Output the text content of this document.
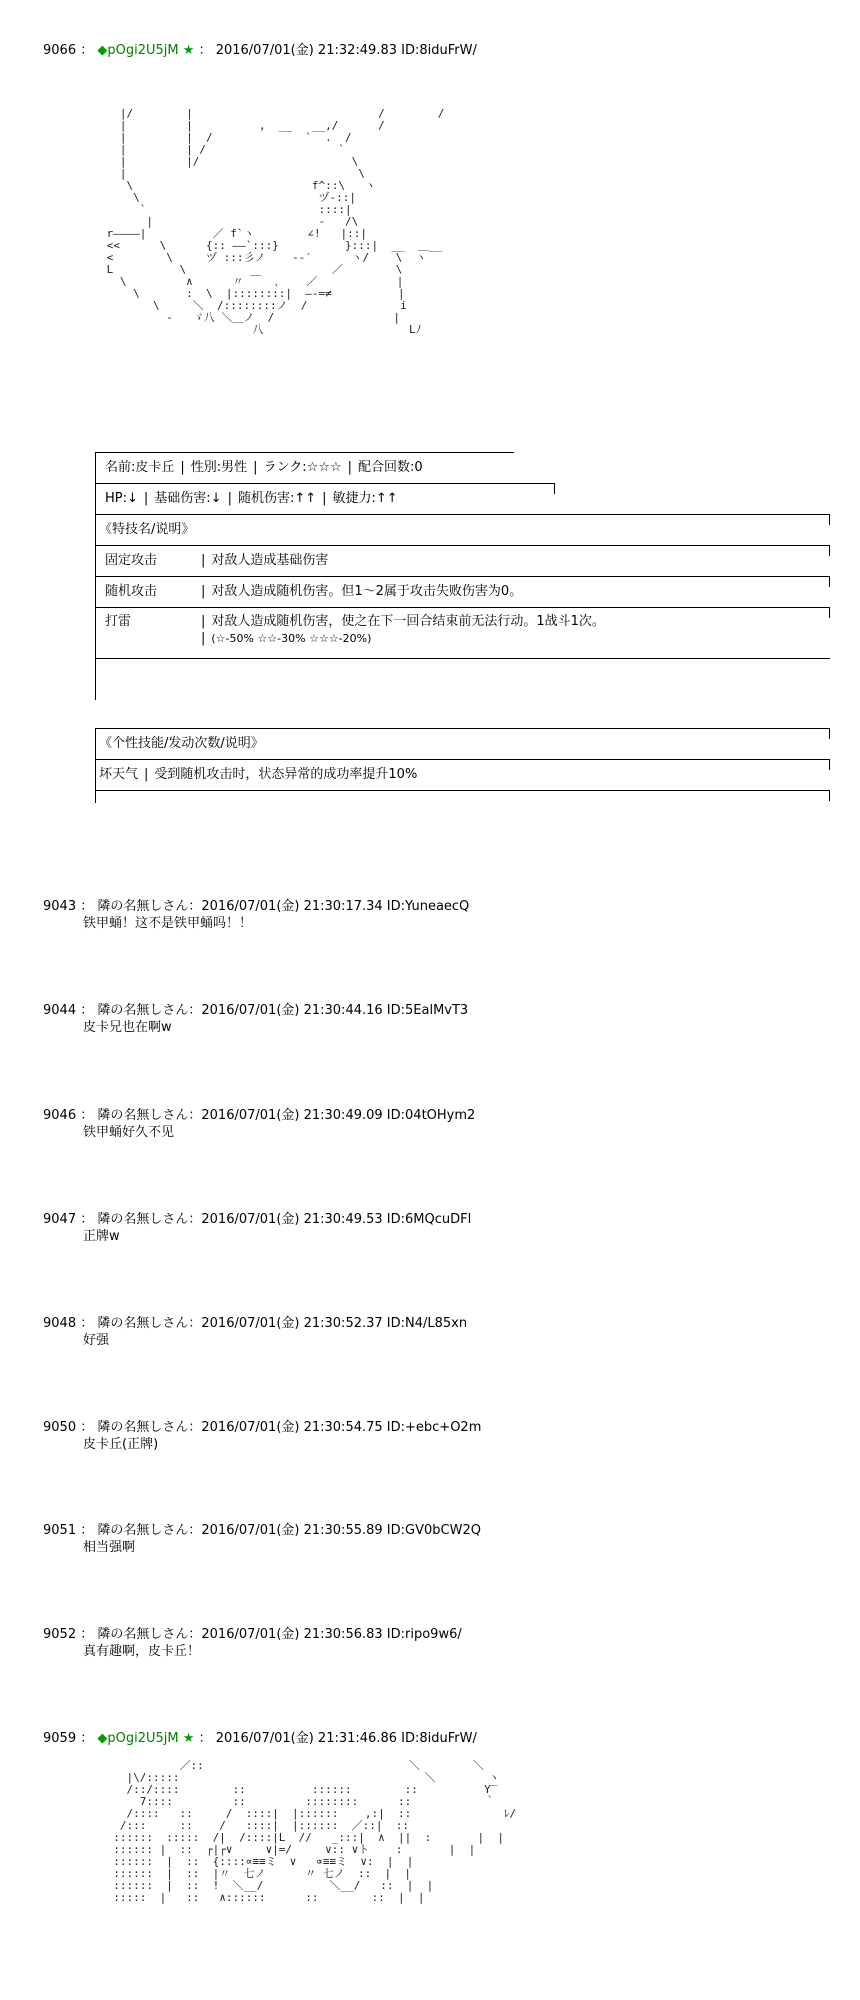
9066 ： ◆pOgi2U5jM ★ ： 2016/07/01(金) 21:32:49.83 ID:8iduFrW/
|/        |                            /        /
|         |          ,  __   __,/      /
|         |  /              `  .  /
|         | /                    `
|         |/                       \
|                                   \
\                           f^::\   ヽ
\                           ヅ-::|
`                          ::::|
|                         -   /\
r――――|          ／ f`ヽ        ∠!   |::|
<<      \      {:: ――`:::}          }:::|  __  ＿__
<        \     ヅ :::彡ノ    ‐‐′      ヽ/    \  ヽ
L          \                      ／        \
\         ∧      〃 ￣  ､    ／            |
\       :  \  |::::::::|  ―‐=≠          |
\     ＼  /::::::::ノ  /              i
‐   ゞ八 ＼＿ノ  /                  |
八                      Lﾉ
名前:皮卡丘 | 性別:男性 | ランク:☆☆☆ | 配合回数:0
HP:↓ | 基础伤害:↓ | 随机伤害:↑↑ | 敏捷力:↑↑
《特技名/说明》
固定攻击	| 对敌人造成基础伤害
随机攻击	| 对敌人造成随机伤害。但1～2属于攻击失败伤害为0。
打雷	| 对敌人造成随机伤害，使之在下一回合结束前无法行动。1战斗1次。
| (☆-50% ☆☆-30% ☆☆☆-20%)
《个性技能/发动次数/说明》
坏天气 | 受到随机攻击时，状态异常的成功率提升10%
9043 ： 隣の名無しさん：2016/07/01(金) 21:30:17.34 ID:YuneaecQ
铁甲蛹！这不是铁甲蛹吗！！
9044 ： 隣の名無しさん：2016/07/01(金) 21:30:44.16 ID:5EalMvT3
皮卡兄也在啊w
9046 ： 隣の名無しさん：2016/07/01(金) 21:30:49.09 ID:04tOHym2
铁甲蛹好久不见
9047 ： 隣の名無しさん：2016/07/01(金) 21:30:49.53 ID:6MQcuDFl
正牌w
9048 ： 隣の名無しさん：2016/07/01(金) 21:30:52.37 ID:N4/L85xn
好强
9050 ： 隣の名無しさん：2016/07/01(金) 21:30:54.75 ID:+ebc+O2m
皮卡丘(正牌)
9051 ： 隣の名無しさん：2016/07/01(金) 21:30:55.89 ID:GV0bCW2Q
相当强啊
9052 ： 隣の名無しさん：2016/07/01(金) 21:30:56.83 ID:ripo9w6/
真有趣啊，皮卡丘！
9059 ： ◆pOgi2U5jM ★ ： 2016/07/01(金) 21:31:46.86 ID:8iduFrW/
／::                               ＼        ＼
|\/:::::                                     ＼        ヽ
/::/::::        ::          ::::::        ::          Y‾
7::::         ::         ::::::::      ::           ｀
/::::   ::     /  ::::|  |::::::    ,:|  ::              ﾚ/
/:::     ::    /   ::::|  |::::::  ／::|  ::
::::::  :::::  /|  /::::|L  //   _:::|  ∧  ||  :       |  |
:::::: |  ::  ┌|┌∨     ∨|=/     ∨:: ∨ト    :       |  |
::::::  |  ::  {::::∝≡≡ミ  ∨   ∝≡≡ミ  ∨:  |  |
::::::  |  ::  |〃  七ノ      〃 七ノ  ::  |  |
::::::  |  ::  !  ＼__/          ＼__/   ::  |  |
:::::  |   ::   ∧::::::      ::        ::  |  |
